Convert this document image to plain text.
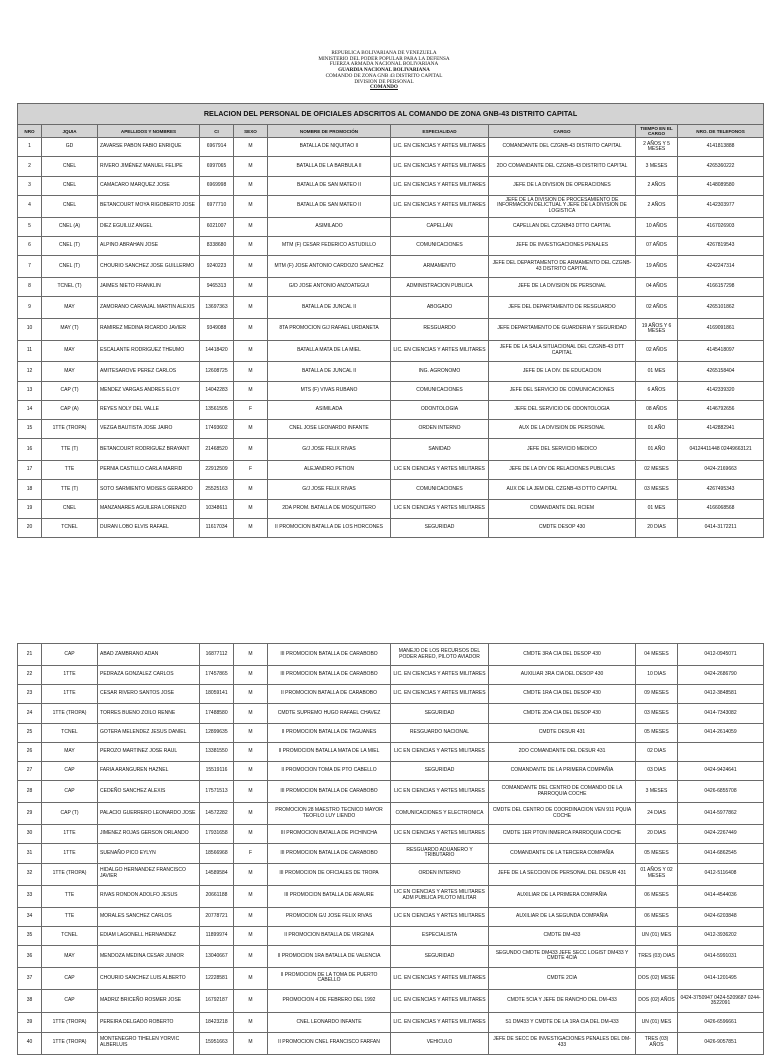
REPUBLICA BOLIVARIANA DE VENEZUELA
MINISTERIO DEL PODER POPULAR PARA LA DEFENSA
FUERZA ARMADA NACIONAL BOLIVARIANA
GUARDIA NACIONAL BOLIVARIANA
COMANDO DE ZONA GNB 43 DISTRITO CAPITAL
DIVISION DE PERSONAL
COMANDO
RELACION DEL PERSONAL DE OFICIALES ADSCRITOS AL COMANDO DE ZONA GNB-43 DISTRITO CAPITAL									
NRO	JQUIA	APELLIDOS Y NOMBRES	CI	SEXO	NOMBRE DE PROMOCIÓN	ESPECIALIDAD	CARGO	TIEMPO EN EL CARGO	NRO. DE TELEFONOS
1	GD	ZAVARSE PABON FABIO ENRIQUE	6967914	M	BATALLA DE NIQUITAO II	LIC. EN CIENCIAS Y ARTES MILITARES	COMANDANTE DEL CZGNB-43 DISTRITO CAPITAL	2 AÑOS Y 5 MESES	4141813888
2	CNEL	RIVERO JIMÉNEZ MANUEL FELIPE	6997065	M	BATALLA DE LA BARBULA II	LIC. EN CIENCIAS Y ARTES MILITARES	2DO COMANDANTE DEL CZGNB-43 DISTRITO CAPITAL	3 MESES	4265360222
3	CNEL	CAMACARO MARQUEZ JOSE	6969998	M	BATALLA DE SAN MATEO II	LIC. EN CIENCIAS Y ARTES MILITARES	JEFE DE LA DIVISION DE OPERACIONES	2 AÑOS	4148089580
4	CNEL	BETANCOURT MOYA RIGOBERTO JOSE	6977710	M	BATALLA DE SAN MATEO II	LIC. EN CIENCIAS Y ARTES MILITARES	JEFE DE LA DIVISION DE PROCESAMIENTO DE INFORMACION DELICTUAL Y JEFE DE LA DIVISION DE LOGISTICA	2 AÑOS	4142303977
5	CNEL (A)	DIEZ EGUILUZ ANGEL	6021007	M	ASIMILADO	CAPELLÁN	CAPELLAN DEL CZGNB43 DTTO CAPITAL	10 AÑOS	4167026903
6	CNEL (T)	ALPINO ABRAHAN JOSE	8338680	M	MTM (F) CESAR FEDERICO ASTUDILLO	COMUNICACIONES	JEFE DE INVESTIGACIONES PENALES	07 AÑOS	4267819543
7	CNEL (T)	CHOURIO SANCHEZ JOSE GUILLERMO	9240223	M	MTM (F) JOSE ANTONIO CARDOZO SANCHEZ	ARMAMENTO	JEFE DEL DEPARTAMENTO DE ARMAMENTO DEL CZGNB-43 DISTRITO CAPITAL	19 AÑOS	4242247314
8	TCNEL (T)	JAIMES NIETO FRANKLIN	9465313	M	G/D JOSE ANTONIO ANZOATEGUI	ADMINISTRACION PUBLICA	JEFE DE LA DIVISION DE PERSONAL	04 AÑOS	4166157298
9	MAY	ZAMORANO CARVAJAL MARTIN ALEXIS	13697363	M	BATALLA DE JUNCAL II	ABOGADO	JEFE DEL DEPARTAMENTO DE RESGUARDO	02 AÑOS	4265101862
10	MAY (T)	RAMIREZ MEDINA RICARDO JAVIER	9349088	M	8TA PROMOCION G/J RAFAEL URDANETA	RESGUARDO	JEFE DEPARTAMENTO DE GUARDERIA Y SEGURIDAD	19 AÑOS Y 6 MESES	4169091861
11	MAY	ESCALANTE RODRIGUEZ THEUMO	14418420	M	BATALLA MATA DE LA MIEL	LIC. EN CIENCIAS Y ARTES MILITARES	JEFE DE LA SALA SITUACIONAL DEL CZGNB-43 DTT CAPITAL	02 AÑOS	4145418097
12	MAY	AMITESAROVE PEREZ CARLOS	12608725	M	BATALLA DE JUNCAL II	ING. AGRONOMO	JEFE DE LA DIV. DE EDUCACION	01 MES	4265158404
13	CAP (T)	MENDEZ VARGAS ANDRES ELOY	14042283	M	MTS (F) VIVAS RUBANO	COMUNICACIONES	JEFE DEL SERVICIO DE COMUNICACIONES	6 AÑOS	4142339320
14	CAP (A)	REYES NOLY DEL VALLE	13561505	F	ASIMILADA	ODONTOLOGIA	JEFE DEL SERVICIO DE ODONTOLOGIA	08 AÑOS	4146792656
15	1TTE (TROPA)	VEZGA BAUTISTA JOSE JAIRO	17493602	M	CNEL JOSE LEONARDO INFANTE	ORDEN INTERNO	AUX DE LA DIVISION DE PERSONAL	01 AÑO	4142882941
16	TTE (T)	BETANCOURT RODRIGUEZ BRAYANT	21468520	M	G/J JOSE FELIX RIVAS	SANIDAD	JEFE DEL SERVICIO MEDICO	01 AÑO	04124411448 02449663121
17	TTE	PERNIA CASTILLO CARLA MARFID	22912509	F	ALEJANDRO PETION	LIC EN CIENCIAS Y ARTES MILITARES	JEFE DE LA DIV DE RELACIONES PUBLCIAS	02 MESES	0424-2169663
18	TTE (T)	SOTO SARMIENTO MOISES GERARDO	25525163	M	G/J JOSE FELIX RIVAS	COMUNICACIONES	AUX DE LA JEM DEL CZGNB-43 DTTO CAPITAL	03 MESES	4267495343
19	CNEL	MANZANARES AGUILERA LORENZO	10348611	M	2DA PROM. BATALLA DE MOSQUITERO	LIC EN CIENCIAS Y ARTES MILITARES	COMANDANTE DEL RCIEM	01 MES	4166068568
20	TCNEL	DURAN LOBO ELVIS RAFAEL	11617034	M	II PROMOCION BATALLA DE LOS HORCONES	SEGURIDAD	CMDTE DESOP 430	20 DIAS	0414-3172211
21	CAP	ABAD ZAMBRANO ADAN	16877112	M	III PROMOCION BATALLA DE CARABOBO	MANEJO DE LOS RECURSOS DEL PODER AEREO, PILOTO AVIADOR	CMDTE 3RA CIA DEL DESOP 430	04 MESES	0412-0945071
22	1TTE	PEDRAZA GONZALEZ CARLOS	17457865	M	III PROMOCION BATALLA DE CARABOBO	LIC. EN CIENCIAS Y ARTES MILITARES	AUXILIAR 3RA CIA DEL DESOP 430	10 DIAS	0424-2686790
23	1TTE	CESAR RIVERO SANTOS JOSE	18059141	M	II PROMOCION BATALLA DE CARABOBO	LIC. EN CIENCIAS Y ARTES MILITARES	CMDTE 1RA CIA DEL DESOP 430	09 MESES	0412-3848581
24	1TTE (TROPA)	TORRES BUENO ZOILO RENNE	17488580	M	CMDTE SUPREMO HUGO RAFAEL CHAVEZ	SEGURIDAD	CMDTE 2DA CIA DEL DESOP 430	03 MESES	0414-7343082
25	TCNEL	GOTERA MELENDEZ JESUS DANIEL	12899635	M	II PROMOCION BATALLA DE TAGUANES	RESGUARDO NACIONAL	CMDTE DESUR 431	05 MESES	0414-2614059
26	MAY	PEROZO MARTINEZ JOSE RAUL	13381550	M	II PROMOCION BATALLA MATA DE LA MIEL	LIC EN CIENCIAS Y ARTES MILITARES	2DO COMANDANTE DEL DESUR 431	02 DIAS	
27	CAP	FARIA ARANGUREN HAZNEL	15519116	M	II PROMOCION TOMA DE PTO CABELLO	SEGURIDAD	COMANDANTE DE LA PRIMERA COMPAÑIA	03 DIAS	0424-9424641
28	CAP	CEDEÑO SANCHEZ ALEXIS	17571513	M	III PROMOCION BATALLA DE CARABOBO	LIC EN CIENCIAS Y ARTES MILITARES	COMANDANTE DEL CENTRO DE COMANDO DE LA PARROQUIA COCHE	3 MESES	0426-6855708
29	CAP (T)	PALACIO GUERRERO LEONARDO JOSE	14572282	M	PROMOCION 28 MAESTRO TECNICO MAYOR TEOFILO LUY LIENDO	COMUNICACIONES Y ELECTRONICA	CMDTE DEL CENTRO DE COORDINACION VEN 911 PQUIA COCHE	24 DIAS	0414-5977862
30	1TTE	JIMENEZ ROJAS GERSON ORLANDO	17931658	M	III PROMOCION BATALLA DE PICHINCHA	LIC EN CIENCIAS Y ARTES MILITARES	CMDTE 1ER PTON INMERCA PARROQUIA COCHE	20 DIAS	0424-2267449
31	1TTE	SUENAÑO PICO EYLYN	18566968	F	III PROMOCION BATALLA DE CARABOBO	RESGUARDO ADUANERO Y TRIBUTARIO	COMANDANTE DE LA TERCERA COMPAÑIA	05 MESES	0414-6862545
32	1TTE (TROPA)	HIDALGO HERNANDEZ FRANCISCO JAVIER	14589584	M	III PROMOCION DE OFICIALES DE TROPA	ORDEN INTERNO	JEFE DE LA SECCION DE PERSONAL DEL DESUR 431	01 AÑOS Y 02 MESES	0412-5116408
33	TTE	RIVAS RONDON ADOLFO JESUS	20661188	M	III PROMOCION BATALLA DE ARAURE	LIC EN CIENCIAS Y ARTES MILITARES ADM PUBLICA PILOTO MILITAR	AUXILIAR DE LA PRIMERA COMPAÑIA	06 MESES	0414-4544036
34	TTE	MORALES SANCHEZ CARLOS	20778721	M	PROMOCION G/J JOSE FELIX RIVAS	LIC EN CIENCIAS Y ARTES MILITARES	AUXILIAR DE LA SEGUNDA COMPAÑIA	06 MESES	0424-6203848
35	TCNEL	EDIAM LAGONELL HERNANDEZ	11899974	M	II PROMOCION BATALLA DE VIRGINIA	ESPECIALISTA	CMDTE DM-433	UN (01) MES	0412-3936202
36	MAY	MENDOZA MEDINA CESAR JUNIOR	13040667	M	II PROMOCION 1RA BATALLA DE VALENCIA	SEGURIDAD	SEGUNDO CMDTE DM433 JEFE SECC LOGIST DM433 Y CMDTE 4CIA	TRES (03) DIAS	0414-5991031
37	CAP	CHOURIO SANCHEZ LUIS ALBERTO	12228581	M	II PROMOCION DE LA TOMA DE PUERTO CABELLO	LIC. EN CIENCIAS Y ARTES MILITARES	CMDTE 2CIA	DOS (02) MESE	0414-1201495
38	CAP	MADRIZ BRICEÑO ROSMER JOSE	16792187	M	PROMOCION 4 DE FEBRERO DEL 1992	LIC. EN CIENCIAS Y ARTES MILITARES	CMDTE 5CIA Y JEFE DE RANCHO DEL DM-433	DOS (02) AÑOS	0424-3750947 0424-5209687 0244- 3522091
39	1TTE (TROPA)	PEREIRA DELGADO ROBERTO	18423218	M	CNEL LEONARDO INFANTE	LIC. EN CIENCIAS Y ARTES MILITARES	S1 DM433 Y CMDTE DE LA 1RA CIA DEL DM-433	UN (01) MES	0426-6596661
40	1TTE (TROPA)	MONTENEGRO TIHELEN YORVIC ALBERLUIS	15951663	M	II PROMOCION CNEL FRANCISCO FARFAN	VEHICULO	JEFE DE SECC DE INVESTIGACIONES PENALES DEL DM-433	TRES (03) AÑOS	0426-9057851
